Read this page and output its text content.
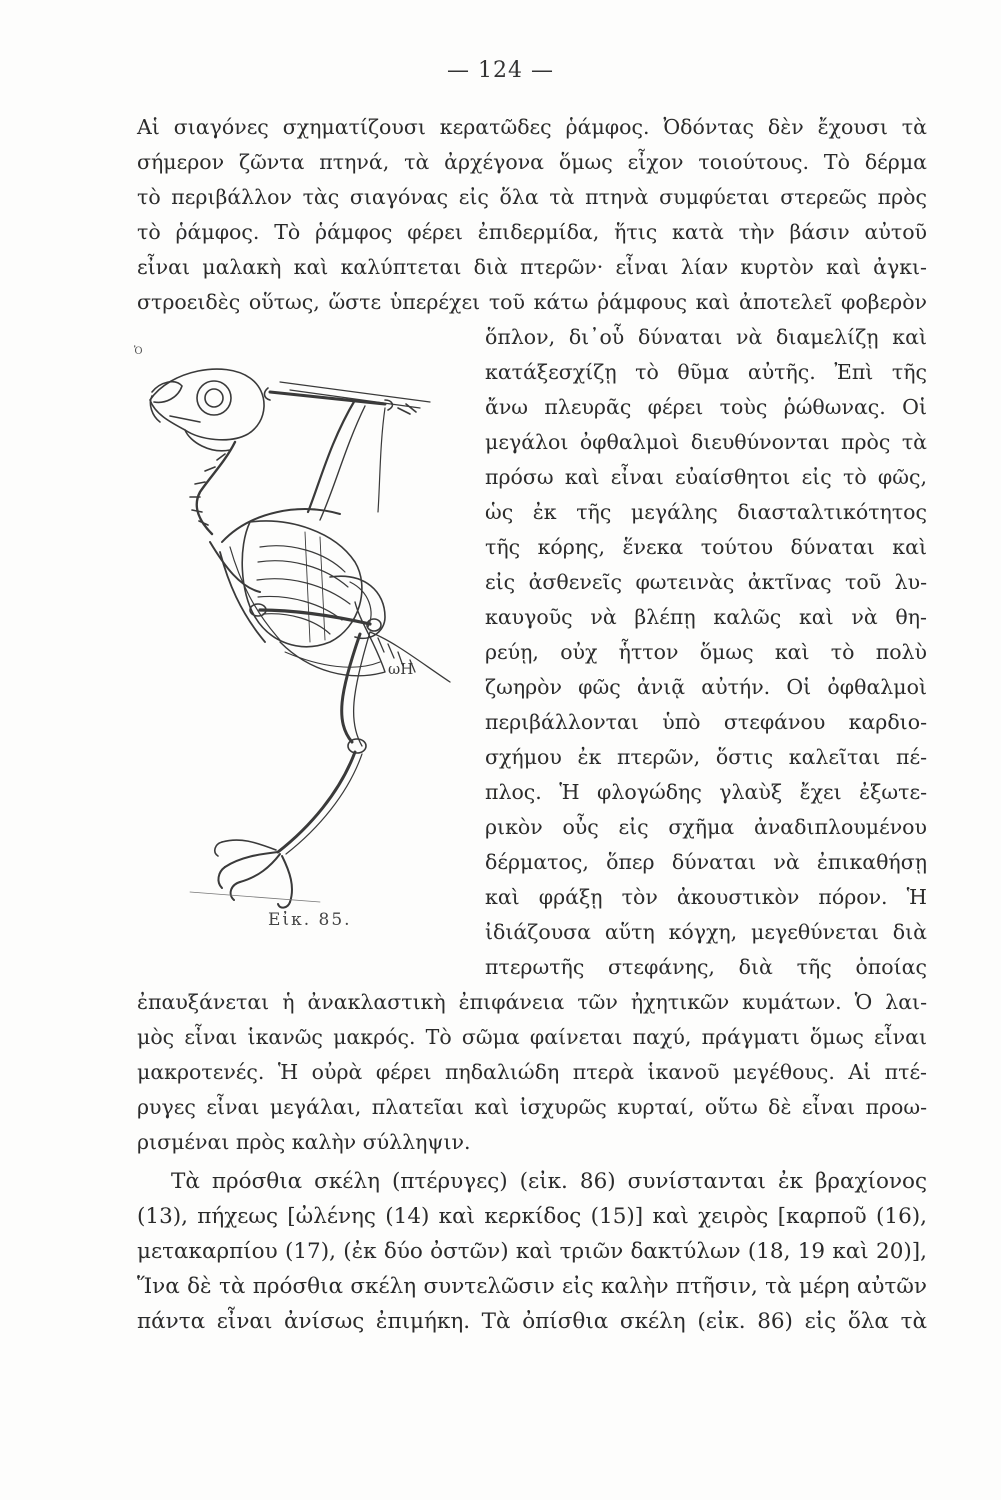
— 124 —
Αἱ σιαγόνες σχηματίζουσι κερατῶδες ῥάμφος. Ὀδόντας δὲν ἔχουσι τὰ
σήμερον ζῶντα πτηνά, τὰ ἀρχέγονα ὅμως εἶχον τοιούτους. Τὸ δέρμα
τὸ περιβάλλον τὰς σιαγόνας εἰς ὅλα τὰ πτηνὰ συμφύεται στερεῶς πρὸς
τὸ ῥάμφος. Τὸ ῥάμφος φέρει ἐπιδερμίδα, ἥτις κατὰ τὴν βάσιν αὐτοῦ
εἶναι μαλακὴ καὶ καλύπτεται διὰ πτερῶν· εἶναι λίαν κυρτὸν καὶ ἀγκι-
στροειδὲς οὕτως, ὥστε ὑπερέχει τοῦ κάτω ῥάμφους καὶ ἀποτελεῖ φοβερὸν
ὅπλον, δι᾽οὗ δύναται νὰ διαμελίζῃ καὶ
κατάξεσχίζῃ τὸ θῦμα αὐτῆς. Ἐπὶ τῆς
ἄνω πλευρᾶς φέρει τοὺς ῥώθωνας. Οἱ
μεγάλοι ὀφθαλμοὶ διευθύνονται πρὸς τὰ
πρόσω καὶ εἶναι εὐαίσθητοι εἰς τὸ φῶς,
ὡς ἐκ τῆς μεγάλης διασταλτικότητος
τῆς κόρης, ἕνεκα τούτου δύναται καὶ
εἰς ἀσθενεῖς φωτεινὰς ἀκτῖνας τοῦ λυ-
καυγοῦς νὰ βλέπῃ καλῶς καὶ νὰ θη-
ρεύῃ, οὐχ ἧττον ὅμως καὶ τὸ πολὺ
ζωηρὸν φῶς ἀνιᾷ αὐτήν. Οἱ ὀφθαλμοὶ
περιβάλλονται ὑπὸ στεφάνου καρδιο-
σχήμου ἐκ πτερῶν, ὅστις καλεῖται πέ-
πλος. Ἡ φλογώδης γλαὺξ ἔχει ἐξωτε-
ρικὸν οὖς εἰς σχῆμα ἀναδιπλουμένου
δέρματος, ὅπερ δύναται νὰ ἐπικαθήσῃ
καὶ φράξῃ τὸν ἀκουστικὸν πόρον. Ἡ
ἰδιάζουσα αὕτη κόγχη, μεγεθύνεται διὰ
πτερωτῆς στεφάνης, διὰ τῆς ὁποίας
ἐπαυξάνεται ἡ ἀνακλαστικὴ ἐπιφάνεια τῶν ἠχητικῶν κυμάτων. Ὁ λαι-
μὸς εἶναι ἱκανῶς μακρός. Τὸ σῶμα φαίνεται παχύ, πράγματι ὅμως εἶναι
μακροτενές. Ἡ οὐρὰ φέρει πηδαλιώδη πτερὰ ἱκανοῦ μεγέθους. Αἱ πτέ-
ρυγες εἶναι μεγάλαι, πλατεῖαι καὶ ἰσχυρῶς κυρταί, οὕτω δὲ εἶναι προω-
ρισμέναι πρὸς καλὴν σύλληψιν.
Τὰ πρόσθια σκέλη (πτέρυγες) (εἰκ. 86) συνίστανται ἐκ βραχίονος
(13), πήχεως [ὠλένης (14) καὶ κερκίδος (15)] καὶ χειρὸς [καρποῦ (16),
μετακαρπίου (17), (ἐκ δύο ὀστῶν) καὶ τριῶν δακτύλων (18, 19 καὶ 20)],
Ἵνα δὲ τὰ πρόσθια σκέλη συντελῶσιν εἰς καλὴν πτῆσιν, τὰ μέρη αὐτῶν
πάντα εἶναι ἀνίσως ἐπιμήκη. Τὰ ὀπίσθια σκέλη (εἰκ. 86) εἰς ὅλα τὰ
Ὁ
ωH
Εἰκ. 85.
